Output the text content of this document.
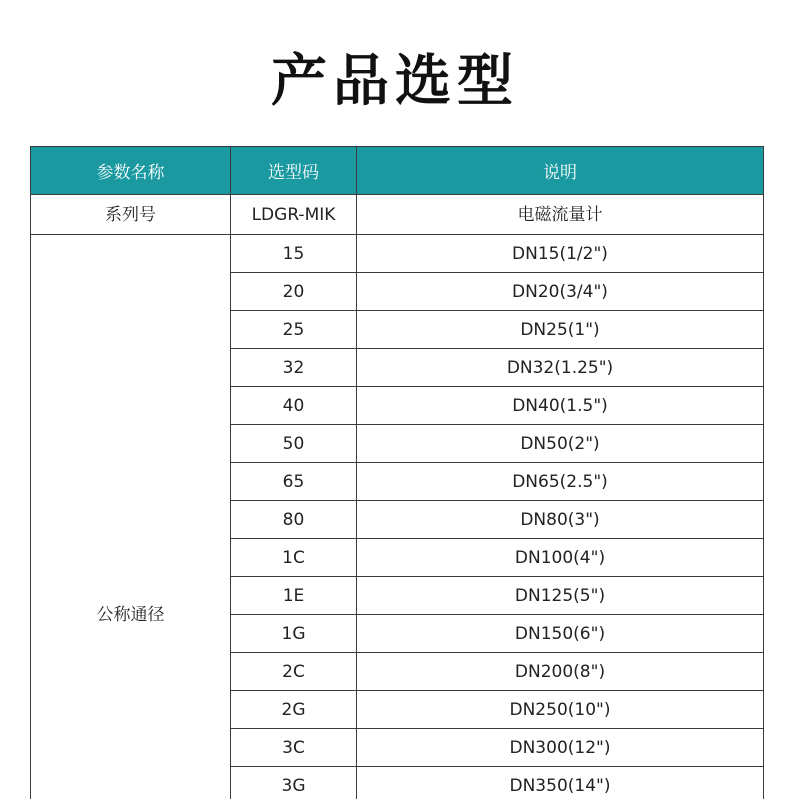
产品选型
参数名称	选型码	说明
系列号	LDGR-MIK	电磁流量计
公称通径	15	DN15(1/2")
	20	DN20(3/4")
	25	DN25(1")
	32	DN32(1.25")
	40	DN40(1.5")
	50	DN50(2")
	65	DN65(2.5")
	80	DN80(3")
	1C	DN100(4")
	1E	DN125(5")
	1G	DN150(6")
	2C	DN200(8")
	2G	DN250(10")
	3C	DN300(12")
	3G	DN350(14")
